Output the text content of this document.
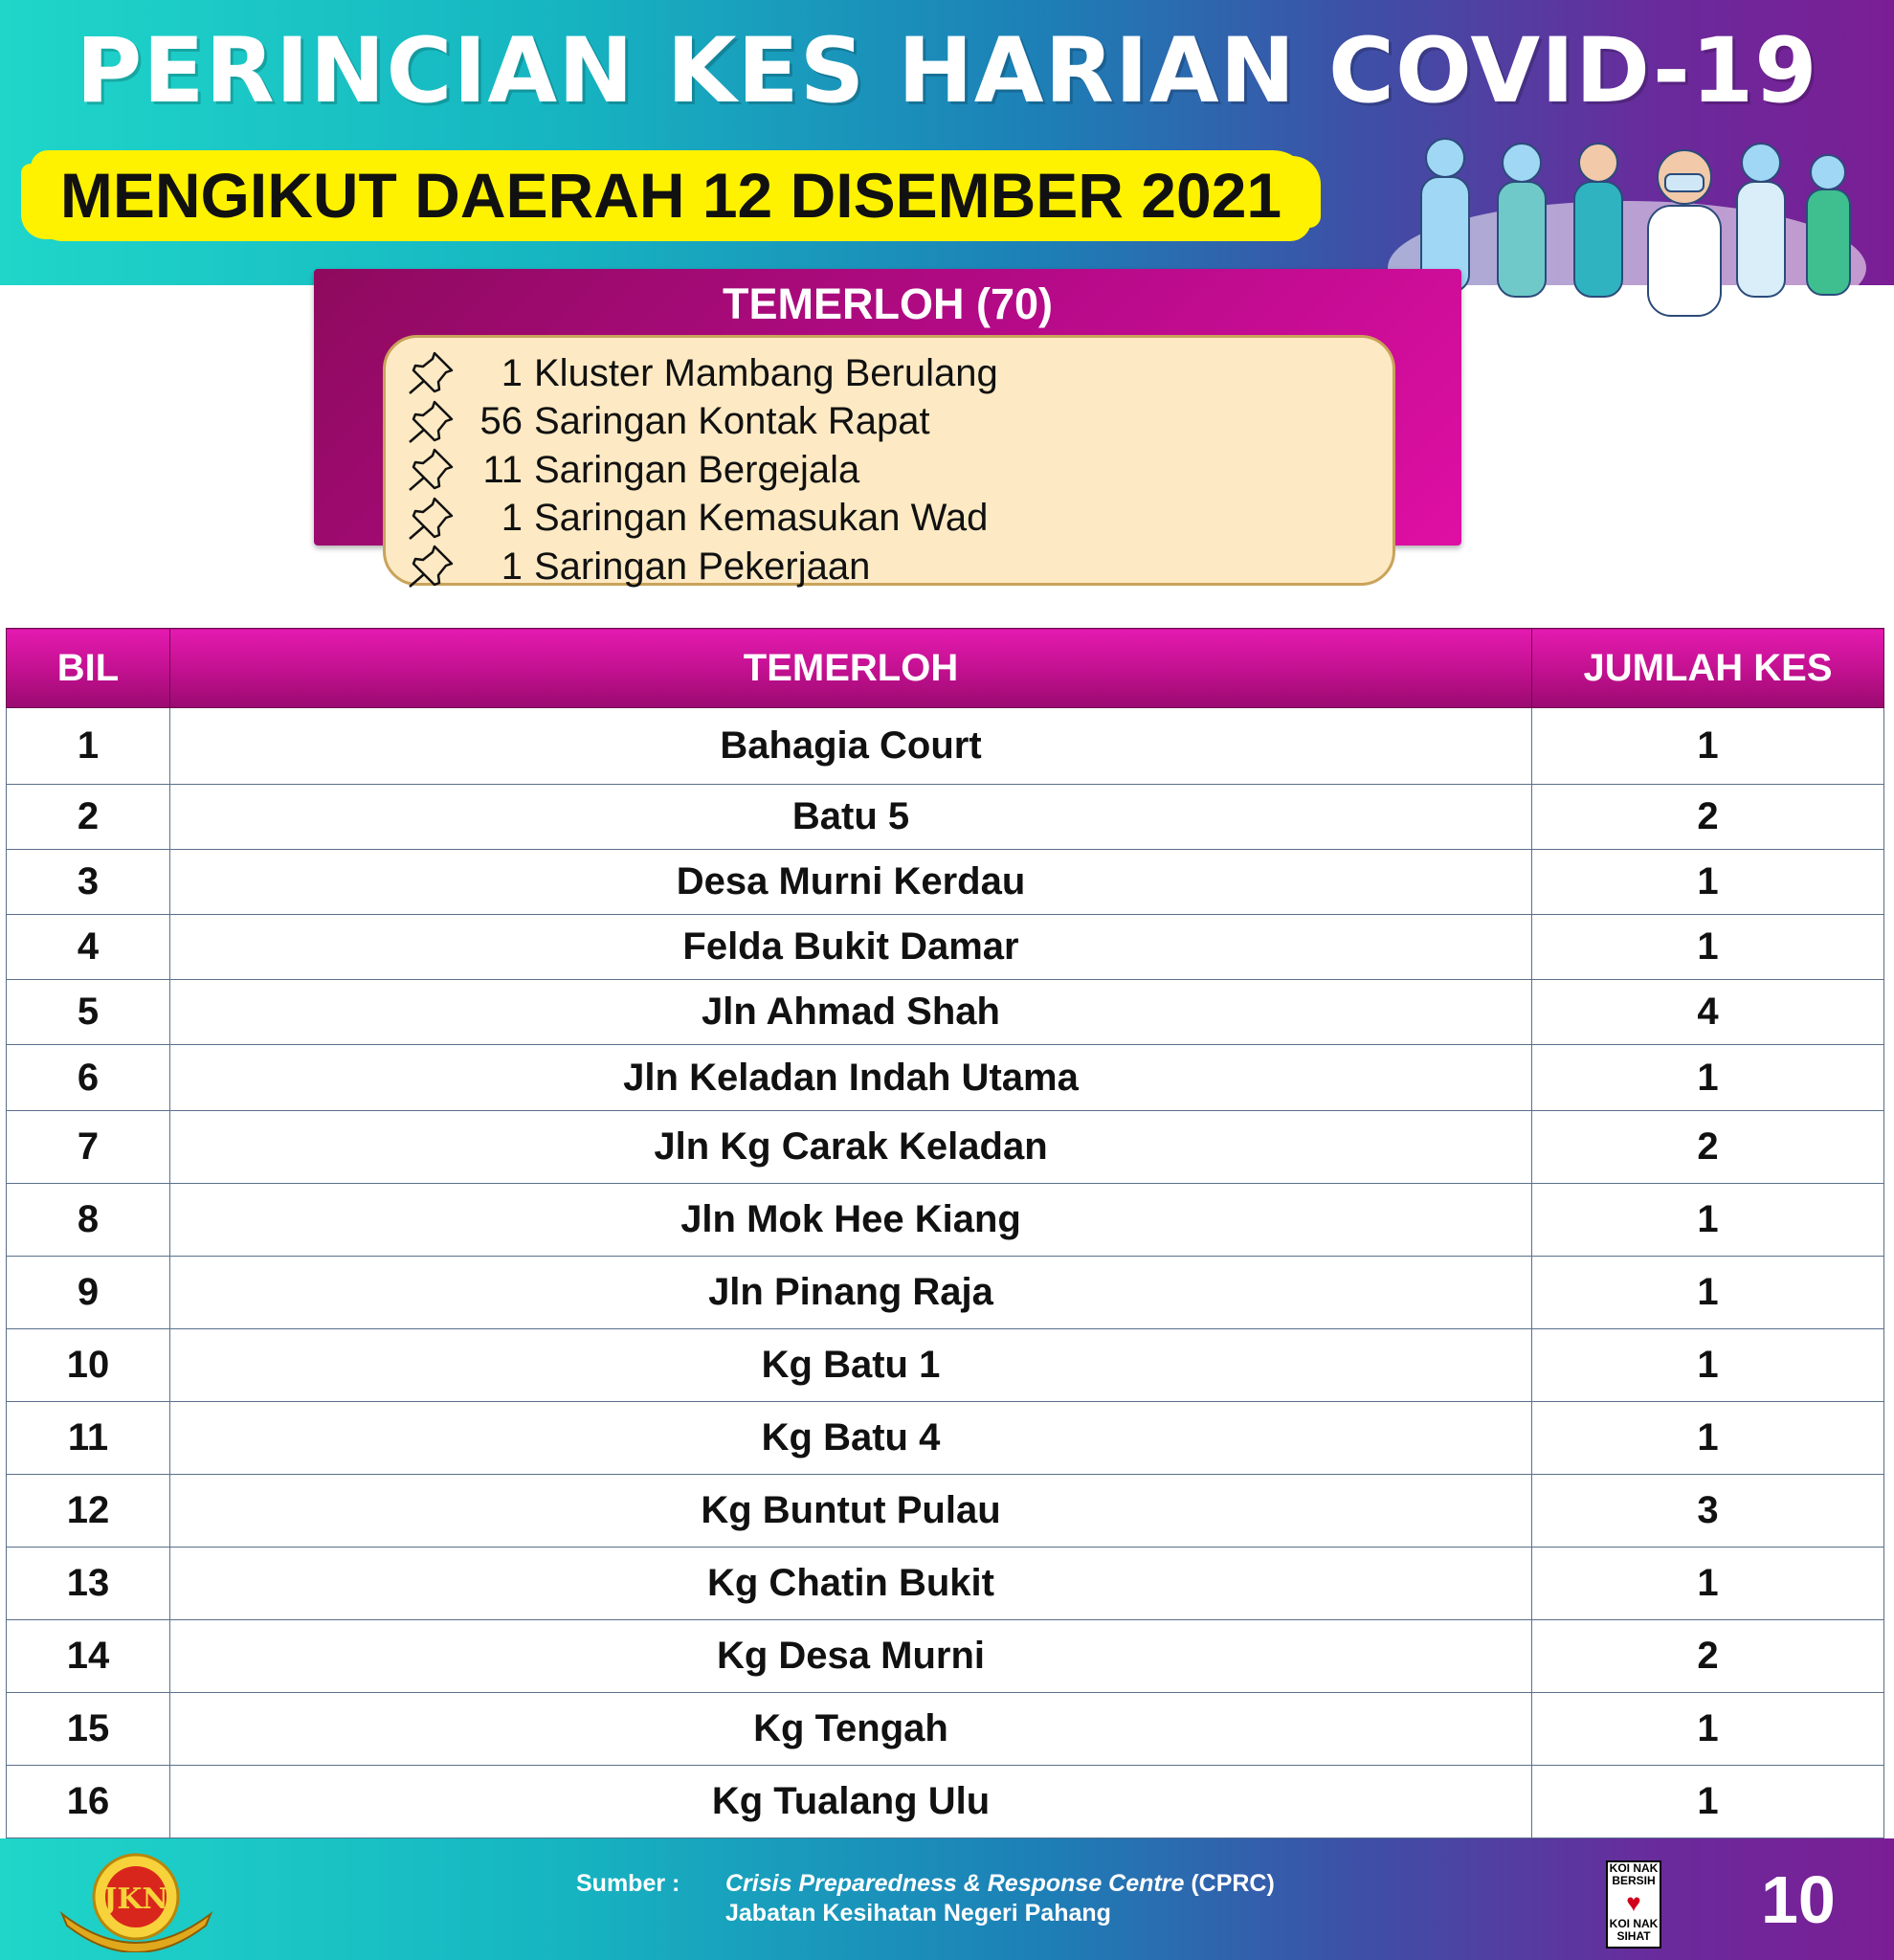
PERINCIAN KES HARIAN COVID-19
MENGIKUT DAERAH 12 DISEMBER 2021
TEMERLOH (70)
1 Kluster Mambang Berulang
56 Saringan Kontak Rapat
11 Saringan Bergejala
1 Saringan Kemasukan Wad
1 Saringan Pekerjaan
BIL	TEMERLOH	JUMLAH KES
1	Bahagia Court	1
2	Batu 5	2
3	Desa Murni Kerdau	1
4	Felda Bukit Damar	1
5	Jln Ahmad Shah	4
6	Jln Keladan Indah Utama	1
7	Jln Kg Carak Keladan	2
8	Jln Mok Hee Kiang	1
9	Jln Pinang Raja	1
10	Kg Batu 1	1
11	Kg Batu 4	1
12	Kg Buntut Pulau	3
13	Kg Chatin Bukit	1
14	Kg Desa Murni	2
15	Kg Tengah	1
16	Kg Tualang Ulu	1
JKN	Sumber : Crisis Preparedness & Response Centre (CPRC)
Jabatan Kesihatan Negeri Pahang
KOI NAK BERSIH
♥
KOI NAK SIHAT 10
